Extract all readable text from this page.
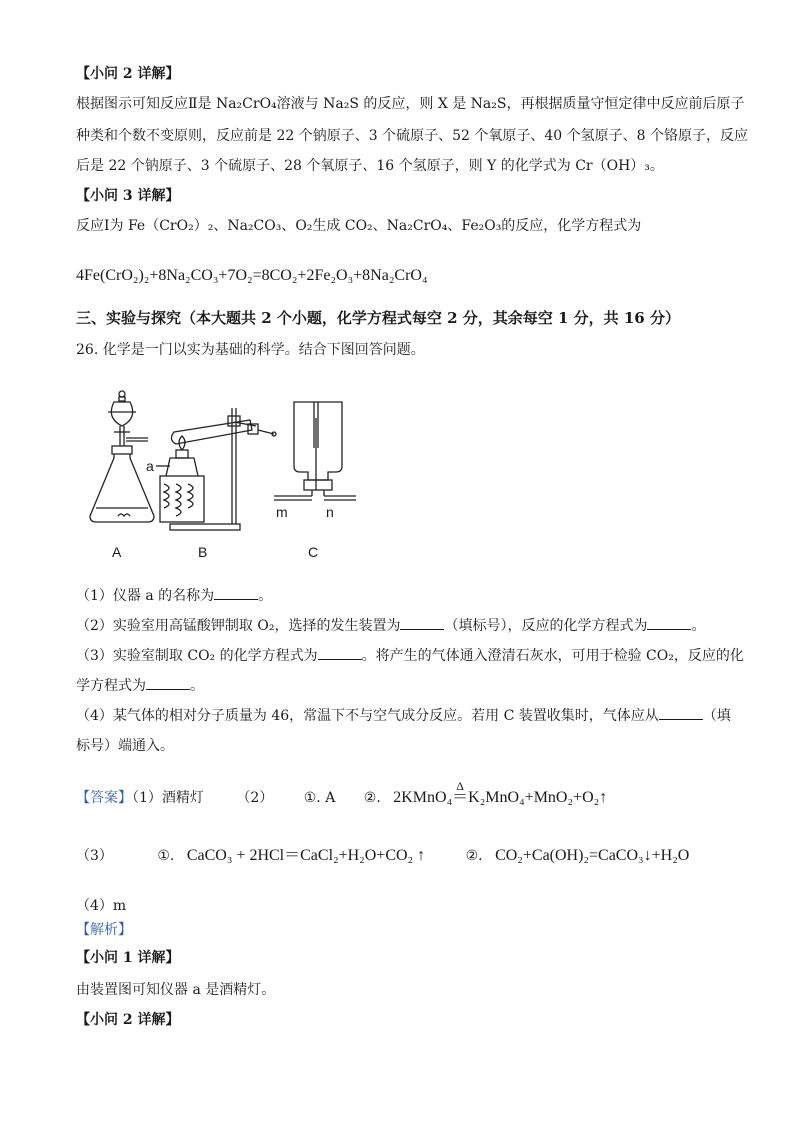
【小问 2 详解】
根据图示可知反应Ⅱ是 Na₂CrO₄溶液与 Na₂S 的反应，则 X 是 Na₂S，再根据质量守恒定律中反应前后原子
种类和个数不变原则，反应前是 22 个钠原子、3 个硫原子、52 个氧原子、40 个氢原子、8 个铬原子，反应
后是 22 个钠原子、3 个硫原子、28 个氧原子、16 个氢原子，则 Y 的化学式为 Cr（OH）₃。
【小问 3 详解】
反应Ⅰ为 Fe（CrO₂）₂、Na₂CO₃、O₂生成 CO₂、Na₂CrO₄、Fe₂O₃的反应，化学方程式为
4Fe(CrO₂)₂+8Na₂CO₃+7O₂=8CO₂+2Fe₂O₃+8Na₂CrO₄
三、实验与探究（本大题共 2 个小题，化学方程式每空 2 分，其余每空 1 分，共 16 分）
26. 化学是一门以实为基础的科学。结合下图回答问题。
a
m	n
A	B	C
（1）仪器 a 的名称为	。
（2）实验室用高锰酸钾制取 O₂，选择的发生装置为	（填标号），反应的化学方程式为	。
（3）实验室制取 CO₂ 的化学方程式为	。将产生的气体通入澄清石灰水，可用于检验 CO₂，反应的化
学方程式为	。
（4）某气体的相对分子质量为 46，常温下不与空气成分反应。若用 C 装置收集时，气体应从	（填
标号）端通入。
【答案】（1）酒精灯 （2） ①. A ②. 2KMnO₄
Δ
＝K₂MnO₄+MnO₂+O₂↑
（3）	①. CaCO₃ + 2HCl＝CaCl₂+H₂O+CO₂ ↑	②. CO₂+Ca(OH)₂=CaCO₃↓+H₂O
（4）m
【解析】
【小问 1 详解】
由装置图可知仪器 a 是酒精灯。
【小问 2 详解】
